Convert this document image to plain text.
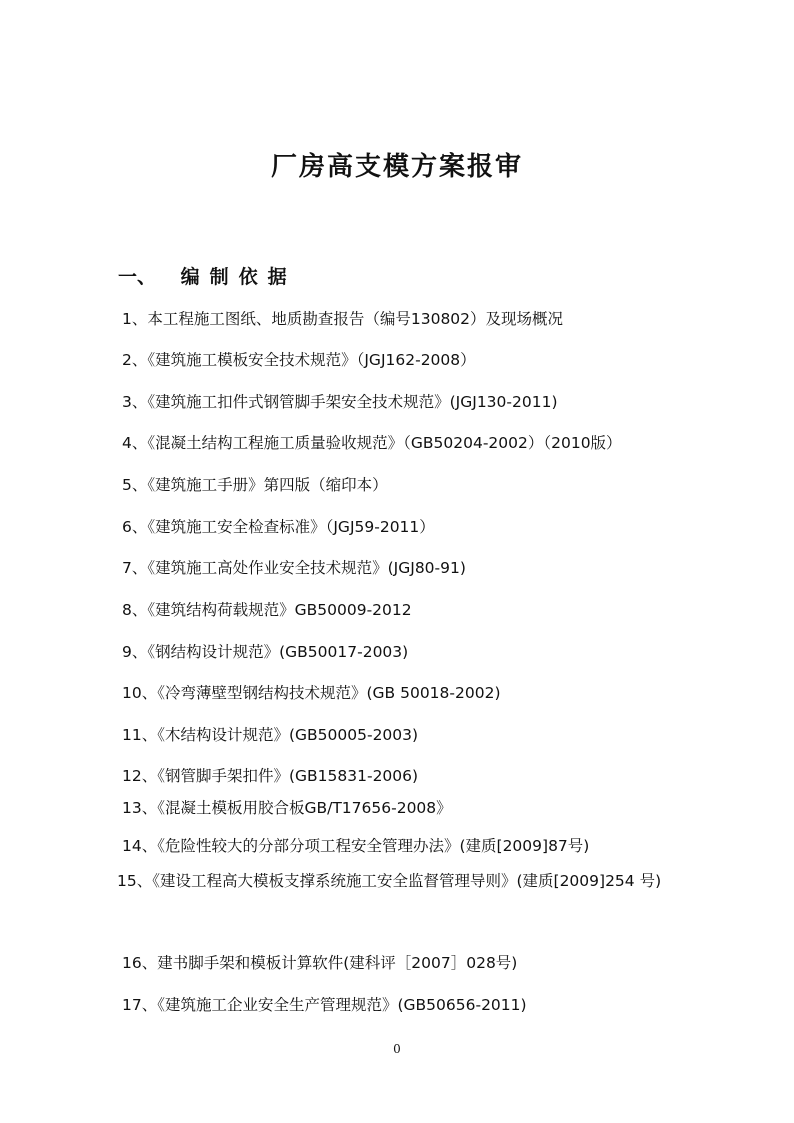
厂房高支模方案报审
一、 编制依据
1、本工程施工图纸、地质勘查报告（编号130802）及现场概况
2、《建筑施工模板安全技术规范》（JGJ162-2008）
3、《建筑施工扣件式钢管脚手架安全技术规范》(JGJ130-2011)
4、《混凝土结构工程施工质量验收规范》（GB50204-2002）（2010版）
5、《建筑施工手册》第四版（缩印本）
6、《建筑施工安全检查标准》（JGJ59-2011）
7、《建筑施工高处作业安全技术规范》(JGJ80-91)
8、《建筑结构荷载规范》GB50009-2012
9、《钢结构设计规范》(GB50017-2003)
10、《冷弯薄壁型钢结构技术规范》(GB 50018-2002)
11、《木结构设计规范》(GB50005-2003)
12、《钢管脚手架扣件》(GB15831-2006)
13、《混凝土模板用胶合板GB/T17656-2008》
14、《危险性较大的分部分项工程安全管理办法》(建质[2009]87号)
15、《建设工程高大模板支撑系统施工安全监督管理导则》(建质[2009]254 号)
16、建书脚手架和模板计算软件(建科评［2007］028号)
17、《建筑施工企业安全生产管理规范》(GB50656-2011)
0
